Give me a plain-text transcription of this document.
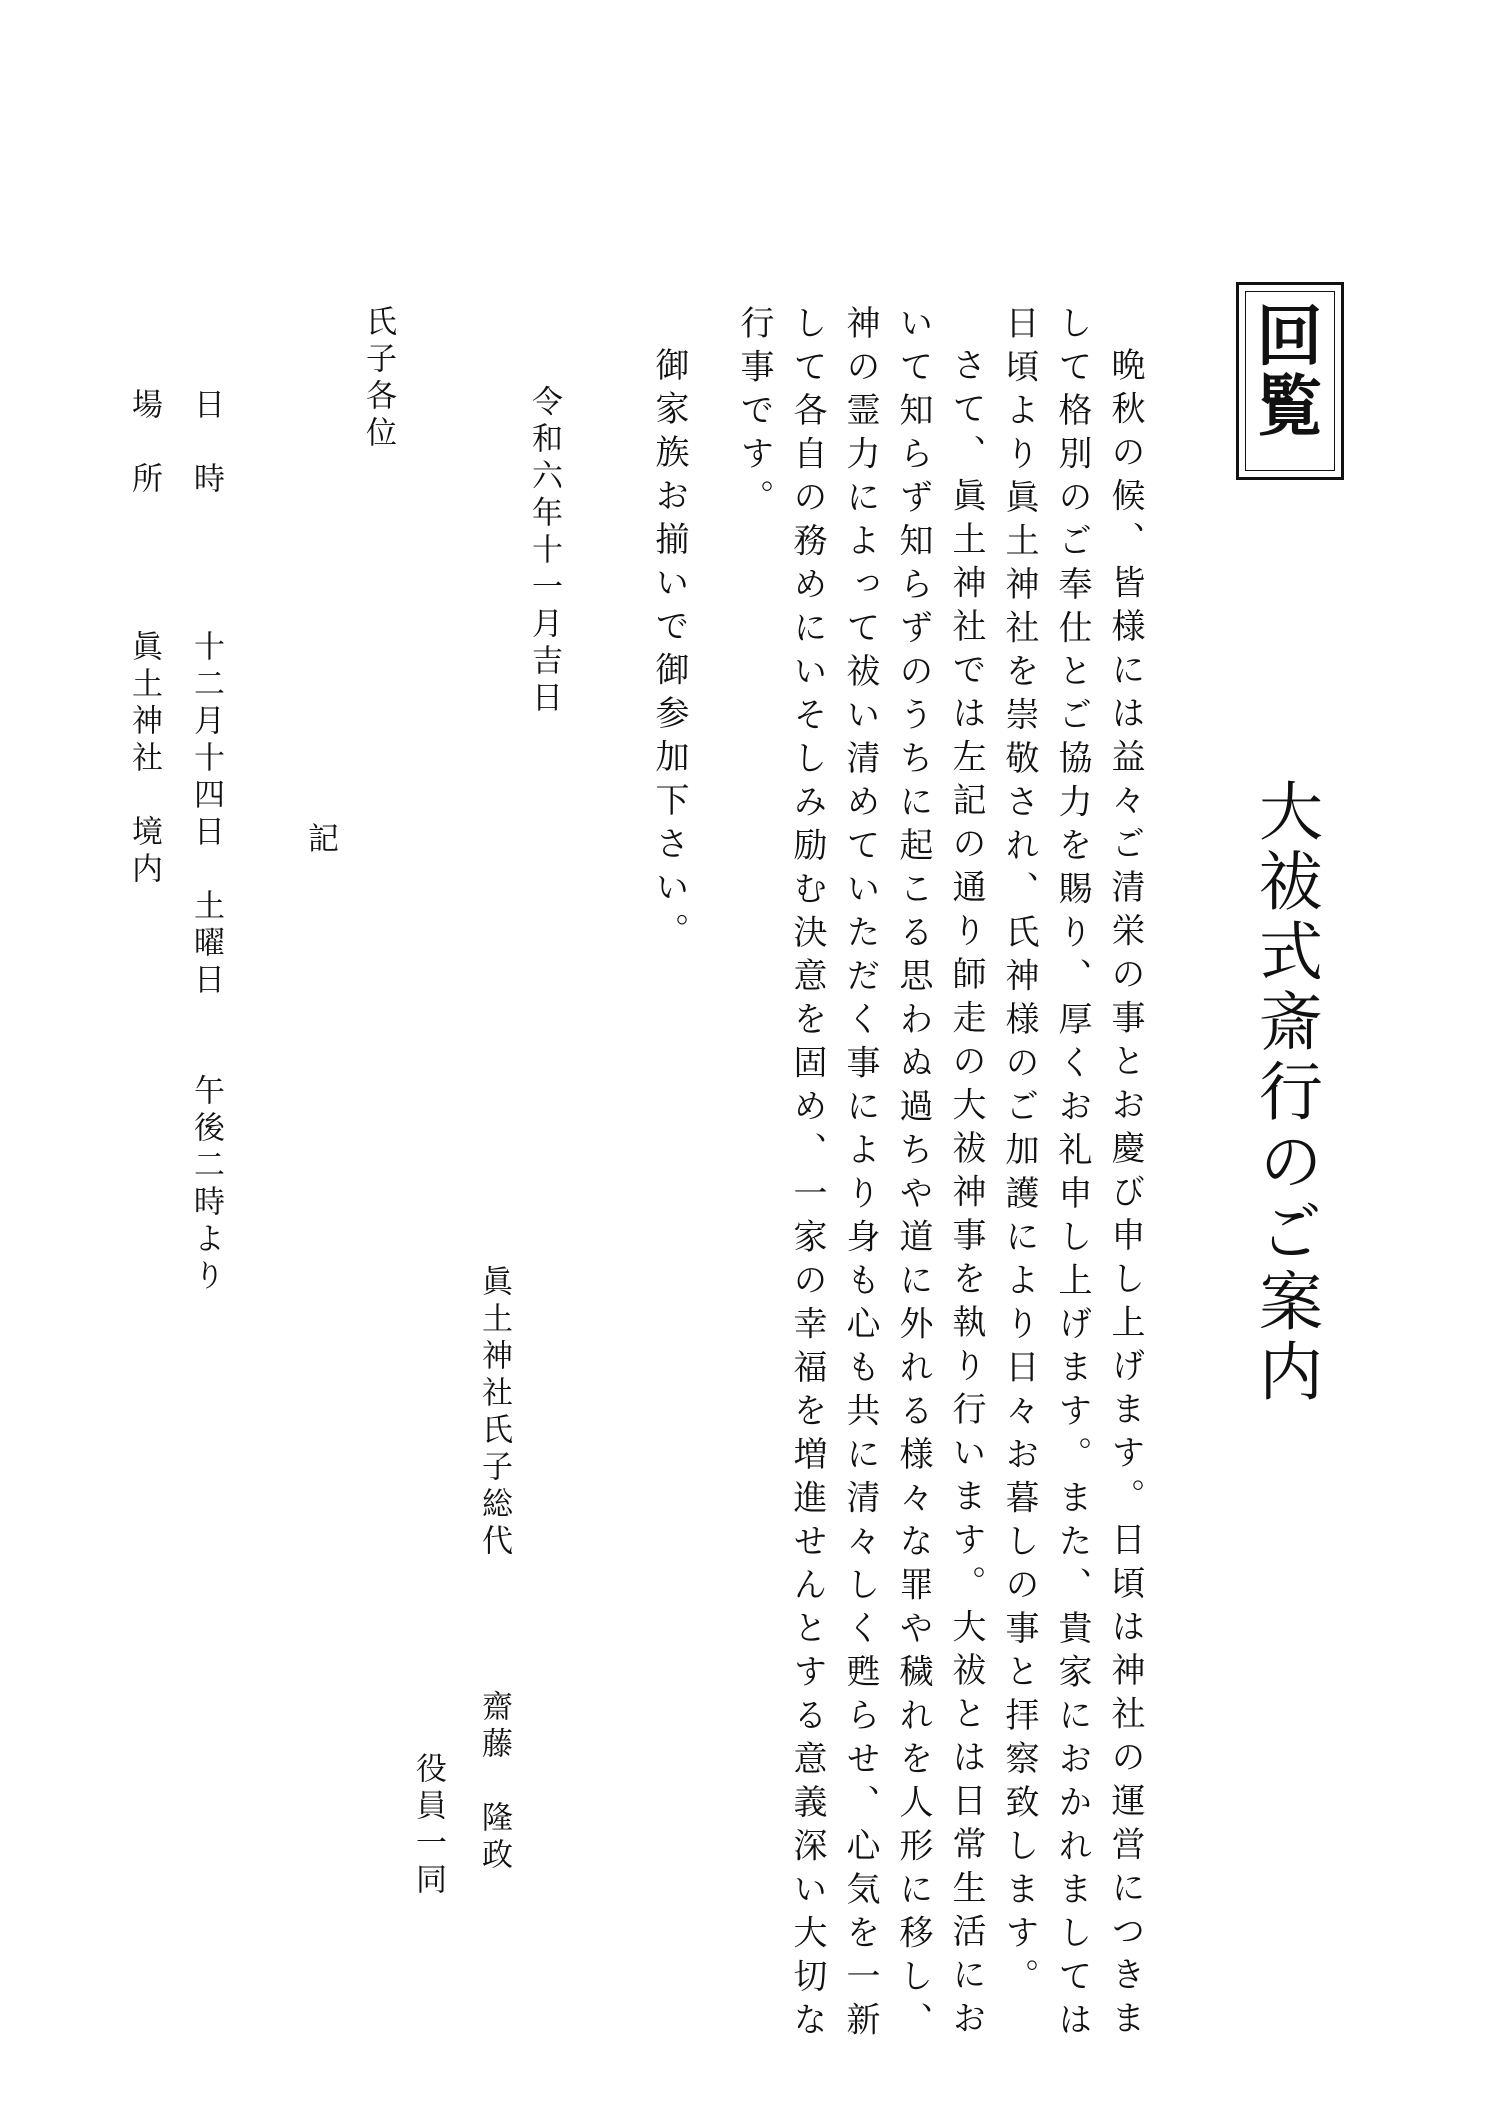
回覧
大祓式斎行のご案内
晩秋の候、皆様には益々ご清栄の事とお慶び申し上げます。日頃は神社の運営につきま
して格別のご奉仕とご協力を賜り、厚くお礼申し上げます。また、貴家におかれましては
日頃より眞土神社を崇敬され、氏神様のご加護により日々お暮しの事と拝察致します。
さて、眞土神社では左記の通り師走の大祓神事を執り行います。大祓とは日常生活にお
いて知らず知らずのうちに起こる思わぬ過ちや道に外れる様々な罪や穢れを人形に移し、
神の霊力によって祓い清めていただく事により身も心も共に清々しく甦らせ、心気を一新
して各自の務めにいそしみ励む決意を固め、一家の幸福を増進せんとする意義深い大切な
行事です。
御家族お揃いで御参加下さい。
令和六年十一月吉日
眞土神社氏子総代
齋藤　隆政
役員一同
氏子各位
記
日　時
十二月十四日　土曜日　　午後二時より
場　所
眞土神社　境内
